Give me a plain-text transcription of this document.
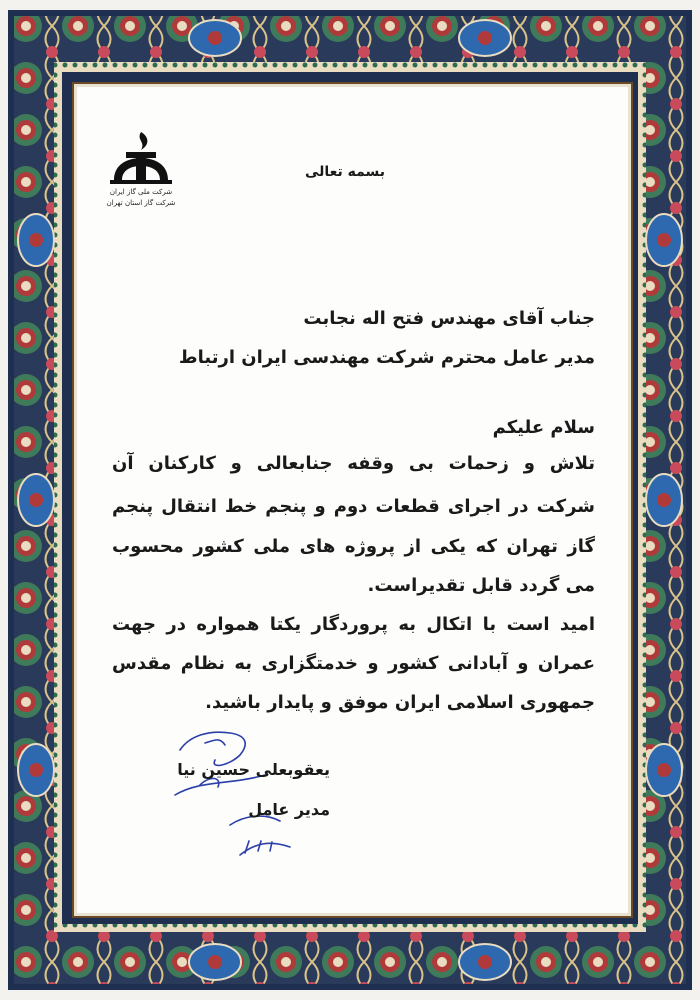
شرکت ملی گاز ایران
شرکت گاز استان تهران
بسمه تعالی
جناب آقای مهندس فتح اله نجابت
مدیر عامل محترم شرکت مهندسی ایران ارتباط
سلام علیکم
تلاش و زحمات بی وقفه جنابعالی و کارکنان آن
شرکت در اجرای قطعات دوم و پنجم خط انتقال پنجم
گاز تهران که یکی از پروژه های ملی کشور محسوب
می گردد قابل تقدیراست.
امید است با اتکال به پروردگار یکتا همواره در جهت
عمران و آبادانی کشور و خدمتگزاری به نظام مقدس
جمهوری اسلامی ایران موفق و پایدار باشید.
یعقوبعلی حسین نیا
مدیر عامل
